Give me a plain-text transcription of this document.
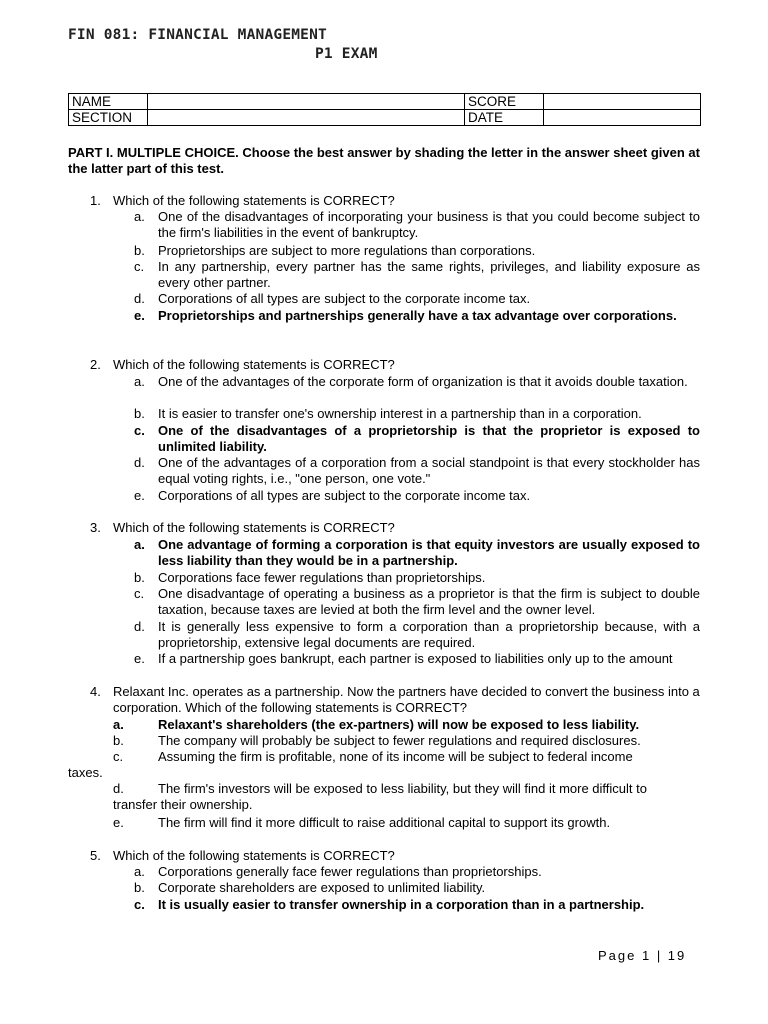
FIN 081: FINANCIAL MANAGEMENT
P1 EXAM
NAME		SCORE	
SECTION		DATE	
PART I. MULTIPLE CHOICE. Choose the best answer by shading the letter in the answer sheet given at the latter part of this test.
1. Which of the following statements is CORRECT?
a. One of the disadvantages of incorporating your business is that you could become subject to the firm's liabilities in the event of bankruptcy.
b. Proprietorships are subject to more regulations than corporations.
c. In any partnership, every partner has the same rights, privileges, and liability exposure as every other partner.
d. Corporations of all types are subject to the corporate income tax.
e. Proprietorships and partnerships generally have a tax advantage over corporations.
2. Which of the following statements is CORRECT?
a. One of the advantages of the corporate form of organization is that it avoids double taxation.
b. It is easier to transfer one's ownership interest in a partnership than in a corporation.
c. One of the disadvantages of a proprietorship is that the proprietor is exposed to unlimited liability.
d. One of the advantages of a corporation from a social standpoint is that every stockholder has equal voting rights, i.e., "one person, one vote."
e. Corporations of all types are subject to the corporate income tax.
3. Which of the following statements is CORRECT?
a. One advantage of forming a corporation is that equity investors are usually exposed to less liability than they would be in a partnership.
b. Corporations face fewer regulations than proprietorships.
c. One disadvantage of operating a business as a proprietor is that the firm is subject to double taxation, because taxes are levied at both the firm level and the owner level.
d. It is generally less expensive to form a corporation than a proprietorship because, with a proprietorship, extensive legal documents are required.
e. If a partnership goes bankrupt, each partner is exposed to liabilities only up to the amount
4. Relaxant Inc. operates as a partnership. Now the partners have decided to convert the business into a corporation. Which of the following statements is CORRECT?
a.	Relaxant's shareholders (the ex-partners) will now be exposed to less liability.
b.	The company will probably be subject to fewer regulations and required disclosures.
c.	Assuming the firm is profitable, none of its income will be subject to federal income
taxes.
d.	The firm's investors will be exposed to less liability, but they will find it more difficult to
transfer their ownership.
e.	The firm will find it more difficult to raise additional capital to support its growth.
5. Which of the following statements is CORRECT?
a. Corporations generally face fewer regulations than proprietorships.
b. Corporate shareholders are exposed to unlimited liability.
c. It is usually easier to transfer ownership in a corporation than in a partnership.
Page 1 | 19
